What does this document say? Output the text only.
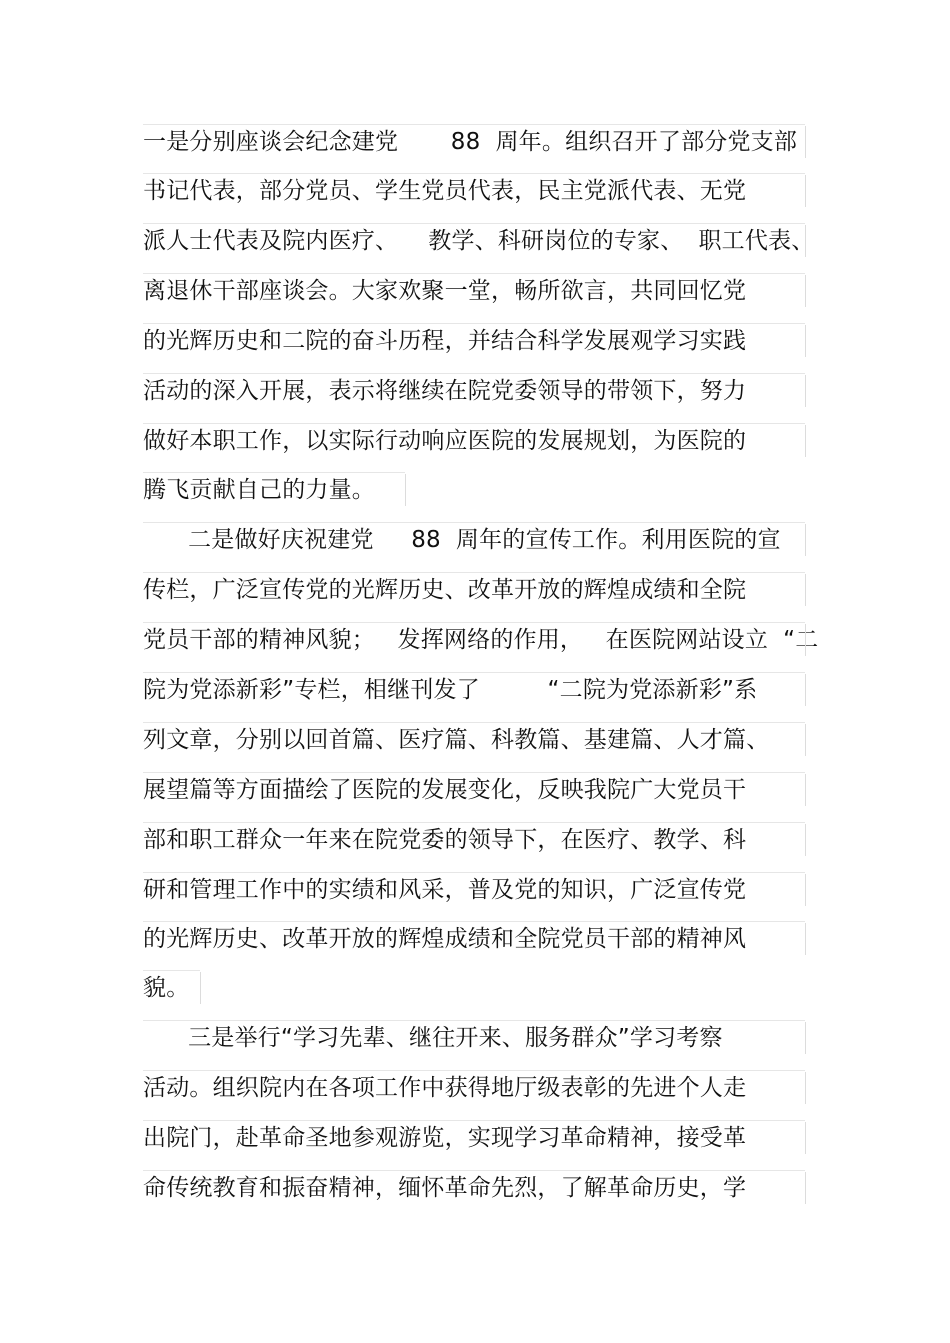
一是分别座谈会纪念建党       88  周年。组织召开了部分党支部
书记代表，部分党员、学生党员代表，民主党派代表、无党
派人士代表及院内医疗、    教学、科研岗位的专家、  职工代表、
离退休干部座谈会。大家欢聚一堂，畅所欲言，共同回忆党
的光辉历史和二院的奋斗历程，并结合科学发展观学习实践
活动的深入开展，表示将继续在院党委领导的带领下，努力
做好本职工作，以实际行动响应医院的发展规划，为医院的
腾飞贡献自己的力量。
二是做好庆祝建党     88  周年的宣传工作。利用医院的宣
传栏，广泛宣传党的光辉历史、改革开放的辉煌成绩和全院
党员干部的精神风貌；   发挥网络的作用，   在医院网站设立  “二
院为党添新彩”专栏，相继刊发了         “二院为党添新彩”系
列文章，分别以回首篇、医疗篇、科教篇、基建篇、人才篇、
展望篇等方面描绘了医院的发展变化，反映我院广大党员干
部和职工群众一年来在院党委的领导下，在医疗、教学、科
研和管理工作中的实绩和风采，普及党的知识，广泛宣传党
的光辉历史、改革开放的辉煌成绩和全院党员干部的精神风
貌。
三是举行“学习先辈、继往开来、服务群众”学习考察
活动。组织院内在各项工作中获得地厅级表彰的先进个人走
出院门，赴革命圣地参观游览，实现学习革命精神，接受革
命传统教育和振奋精神，缅怀革命先烈，了解革命历史，学
